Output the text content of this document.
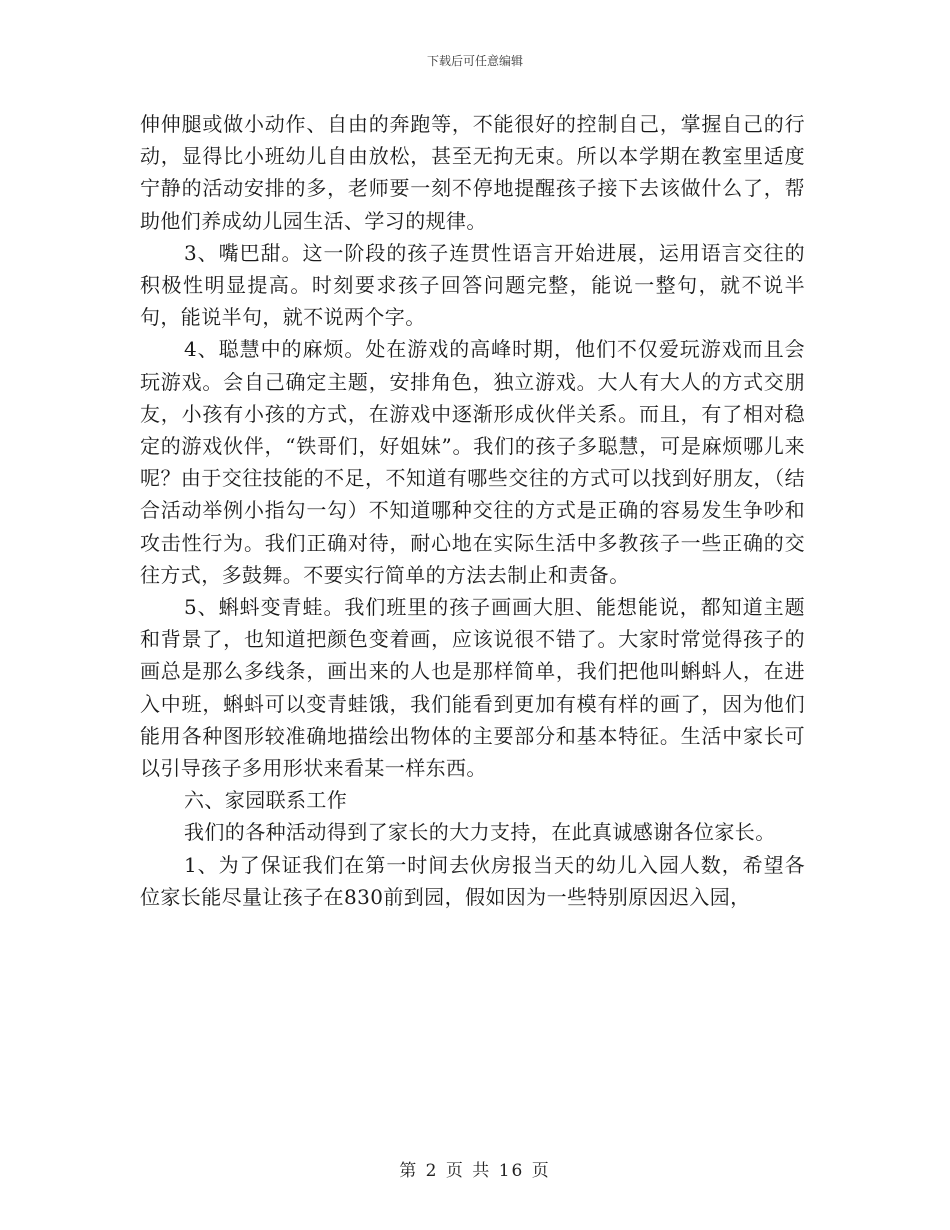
下载后可任意编辑

伸伸腿或做小动作、自由的奔跑等，不能很好的控制自己，掌握自己的行动，显得比小班幼儿自由放松，甚至无拘无束。所以本学期在教室里适度宁静的活动安排的多，老师要一刻不停地提醒孩子接下去该做什么了，帮助他们养成幼儿园生活、学习的规律。

3、嘴巴甜。这一阶段的孩子连贯性语言开始进展，运用语言交往的积极性明显提高。时刻要求孩子回答问题完整，能说一整句，就不说半句，能说半句，就不说两个字。

4、聪慧中的麻烦。处在游戏的高峰时期，他们不仅爱玩游戏而且会玩游戏。会自己确定主题，安排角色，独立游戏。大人有大人的方式交朋友，小孩有小孩的方式，在游戏中逐渐形成伙伴关系。而且，有了相对稳定的游戏伙伴，“铁哥们，好姐妹”。我们的孩子多聪慧，可是麻烦哪儿来呢？由于交往技能的不足，不知道有哪些交往的方式可以找到好朋友，（结合活动举例小指勾一勾）不知道哪种交往的方式是正确的容易发生争吵和攻击性行为。我们正确对待，耐心地在实际生活中多教孩子一些正确的交往方式，多鼓舞。不要实行简单的方法去制止和责备。

5、蝌蚪变青蛙。我们班里的孩子画画大胆、能想能说，都知道主题和背景了，也知道把颜色变着画，应该说很不错了。大家时常觉得孩子的画总是那么多线条，画出来的人也是那样简单，我们把他叫蝌蚪人，在进入中班，蝌蚪可以变青蛙饿，我们能看到更加有模有样的画了，因为他们能用各种图形较准确地描绘出物体的主要部分和基本特征。生活中家长可以引导孩子多用形状来看某一样东西。

六、家园联系工作

我们的各种活动得到了家长的大力支持，在此真诚感谢各位家长。

1、为了保证我们在第一时间去伙房报当天的幼儿入园人数，希望各位家长能尽量让孩子在830前到园，假如因为一些特别原因迟入园，

第 2 页 共 16 页
